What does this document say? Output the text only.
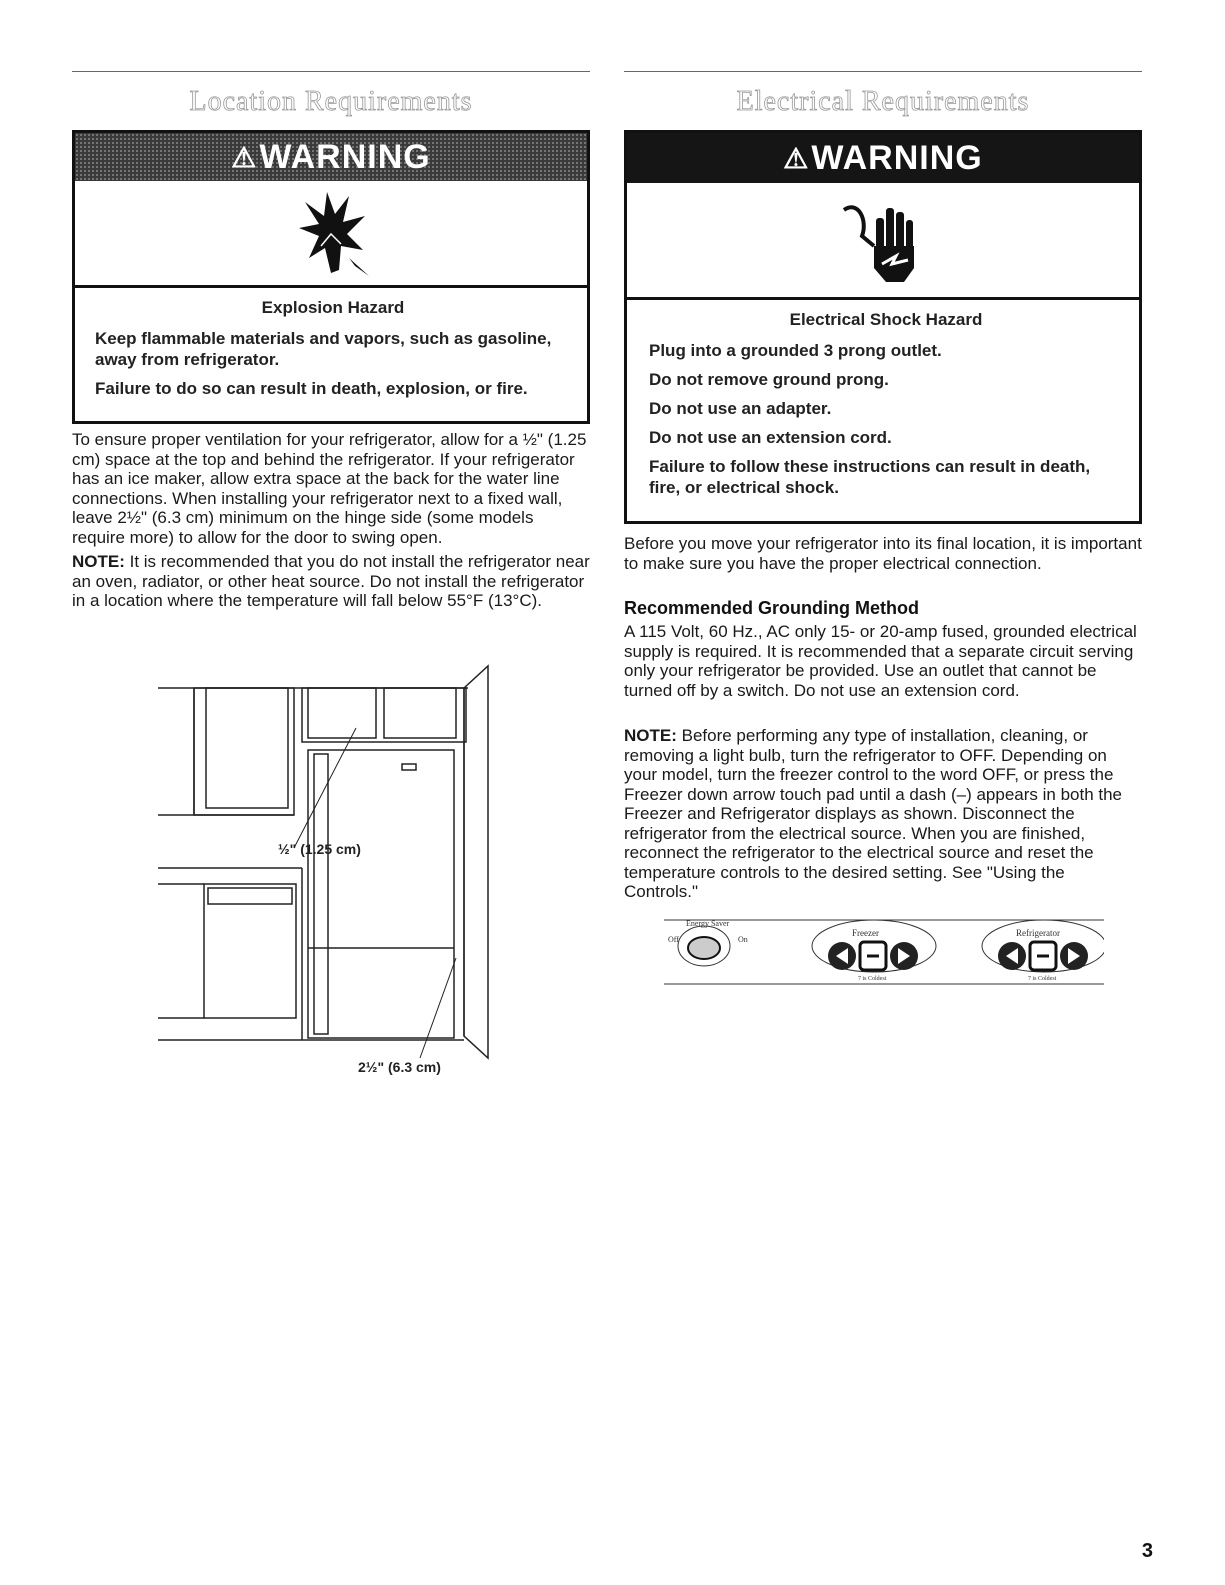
Location Requirements
⚠ WARNING

Explosion Hazard

Keep flammable materials and vapors, such as gasoline, away from refrigerator.

Failure to do so can result in death, explosion, or fire.

To ensure proper ventilation for your refrigerator, allow for a ½" (1.25 cm) space at the top and behind the refrigerator. If your refrigerator has an ice maker, allow extra space at the back for the water line connections. When installing your refrigerator next to a fixed wall, leave 2½" (6.3 cm) minimum on the hinge side (some models require more) to allow for the door to swing open.

NOTE: It is recommended that you do not install the refrigerator near an oven, radiator, or other heat source. Do not install the refrigerator in a location where the temperature will fall below 55°F (13°C).

½" (1.25 cm)
2½" (6.3 cm)
Electrical Requirements
⚠ WARNING

Electrical Shock Hazard

Plug into a grounded 3 prong outlet.

Do not remove ground prong.

Do not use an adapter.

Do not use an extension cord.

Failure to follow these instructions can result in death, fire, or electrical shock.

Before you move your refrigerator into its final location, it is important to make sure you have the proper electrical connection.

Recommended Grounding Method

A 115 Volt, 60 Hz., AC only 15- or 20-amp fused, grounded electrical supply is required. It is recommended that a separate circuit serving only your refrigerator be provided. Use an outlet that cannot be turned off by a switch. Do not use an extension cord.

NOTE: Before performing any type of installation, cleaning, or removing a light bulb, turn the refrigerator to OFF. Depending on your model, turn the freezer control to the word OFF, or press the Freezer down arrow touch pad until a dash (–) appears in both the Freezer and Refrigerator displays as shown. Disconnect the refrigerator from the electrical source. When you are finished, reconnect the refrigerator to the electrical source and reset the temperature controls to the desired setting. See "Using the Controls."

Energy Saver
Off	On
Freezer
7 is Coldest
Refrigerator
7 is Coldest
3
